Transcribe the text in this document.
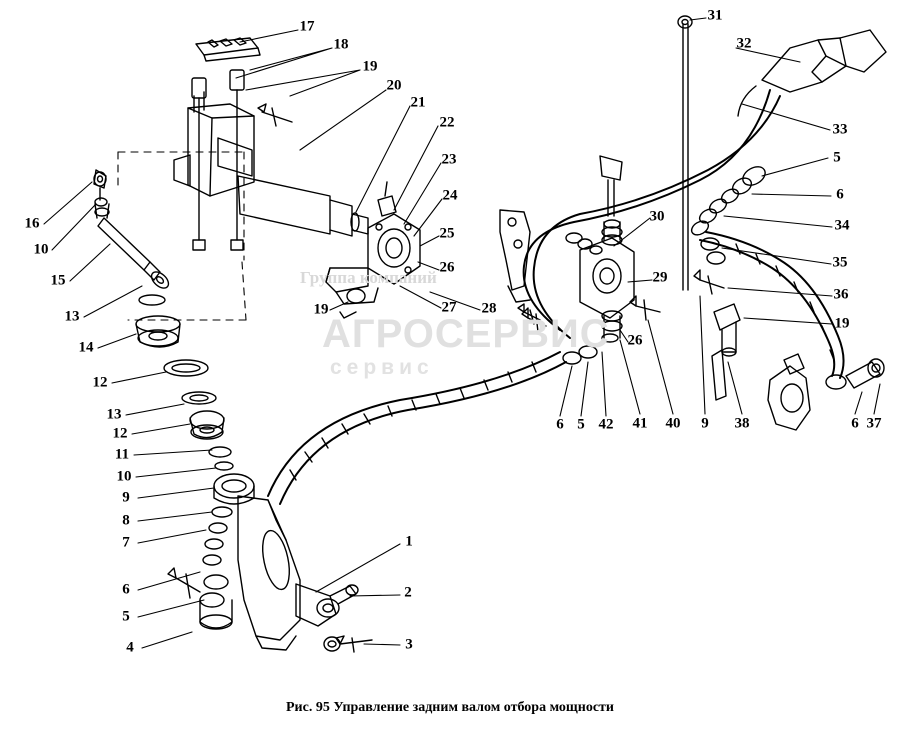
Группа компаний
АГРОСЕРВИС
сервис
17
18
19
20
21
22
23
24
25
26
27 28
19
16
10
15
13
14
12
13
12
11
10
9
8
7
6
5
4
1
2
3
31
32
33
5
6
34
35
36
19
30
29
26
6 5 42 41 40 9 38	6 37
Рис. 95 Управление задним валом отбора мощности
